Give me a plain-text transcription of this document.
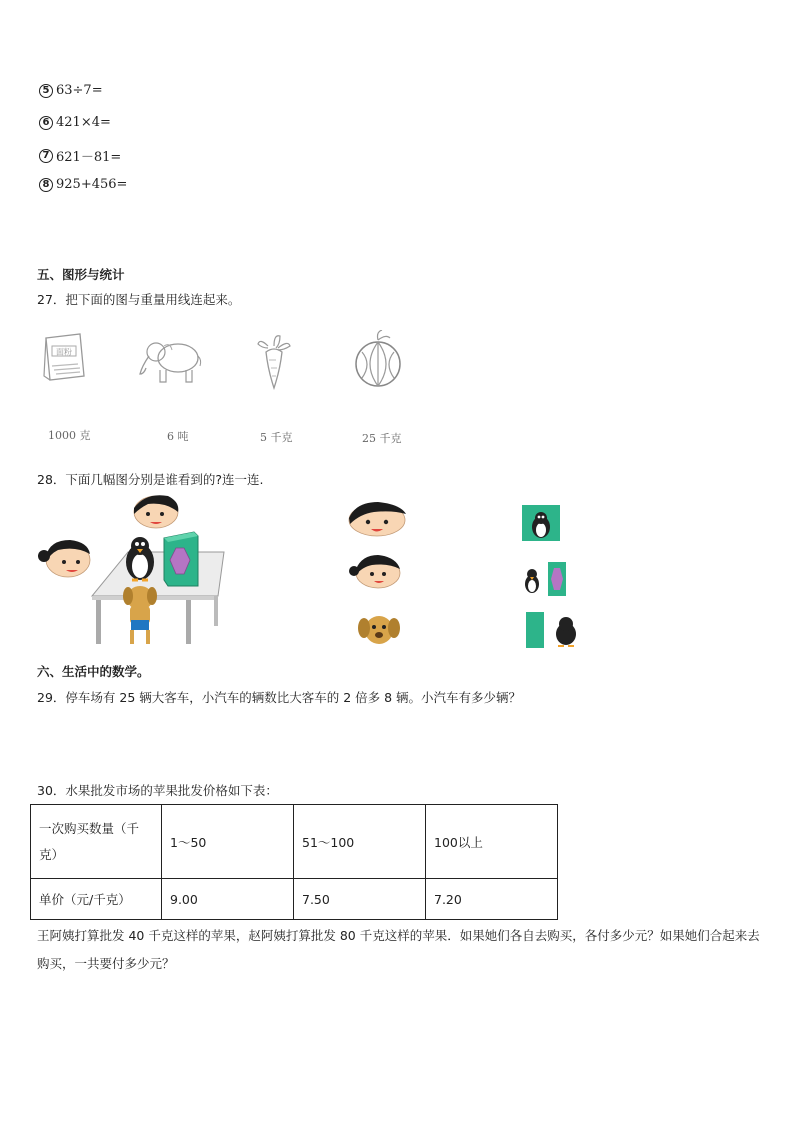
5 63÷7=
6 421×4=
7 621－81=
8 925+456=
五、图形与统计
27．把下面的图与重量用线连起来。
面粉
1000 克	6 吨	5 千克	25 千克
28．下面几幅图分别是谁看到的?连一连.
六、生活中的数学。
29．停车场有 25 辆大客车，小汽车的辆数比大客车的 2 倍多 8 辆。小汽车有多少辆？
30．水果批发市场的苹果批发价格如下表：
一次购买数量（千克）	1～50	51～100	100以上
单价（元/千克）	9.00	7.50	7.20
王阿姨打算批发 40 千克这样的苹果，赵阿姨打算批发 80 千克这样的苹果．如果她们各自去购买，各付多少元？如果她们合起来去购买，一共要付多少元？
